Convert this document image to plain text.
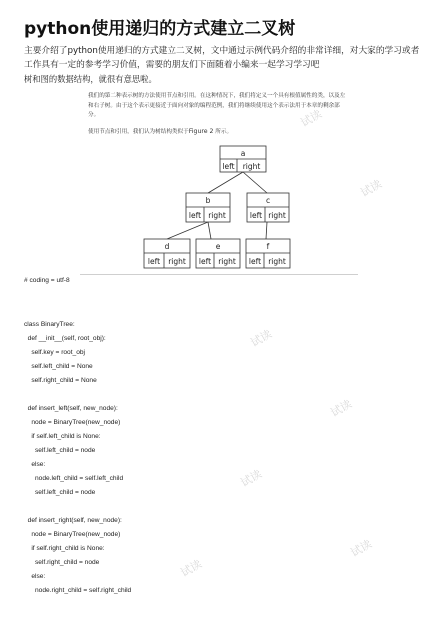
python使用递归的方式建立二叉树
主要介绍了python使用递归的方式建立二叉树，文中通过示例代码介绍的非常详细，对大家的学习或者工作具有一定的参考学习价值，需要的朋友们下面随着小编来一起学习学习吧
树和图的数据结构，就很有意思啦。
我们的第二种表示树的方法使用节点和引用。在这种情况下，我们将定义一个具有根值属性的类，以及左和右子树。由于这个表示更接近于面向对象的编程范例，我们将继续使用这个表示法用于本章的剩余部分。
使用节点和引用，我们认为树结构类似于Figure 2 所示。
a
left right
b
left right
c
left right
d
left right
e
left right
f
left right
# coding = utf-8
class BinaryTree:
def __init__(self, root_obj):
self.key = root_obj
self.left_child = None
self.right_child = None
def insert_left(self, new_node):
node = BinaryTree(new_node)
if self.left_child is None:
self.left_child = node
else:
node.left_child = self.left_child
self.left_child = node
def insert_right(self, new_node):
node = BinaryTree(new_node)
if self.right_child is None:
self.right_child = node
else:
node.right_child = self.right_child
试读
试读
试读
试读
试读
试读
试读
